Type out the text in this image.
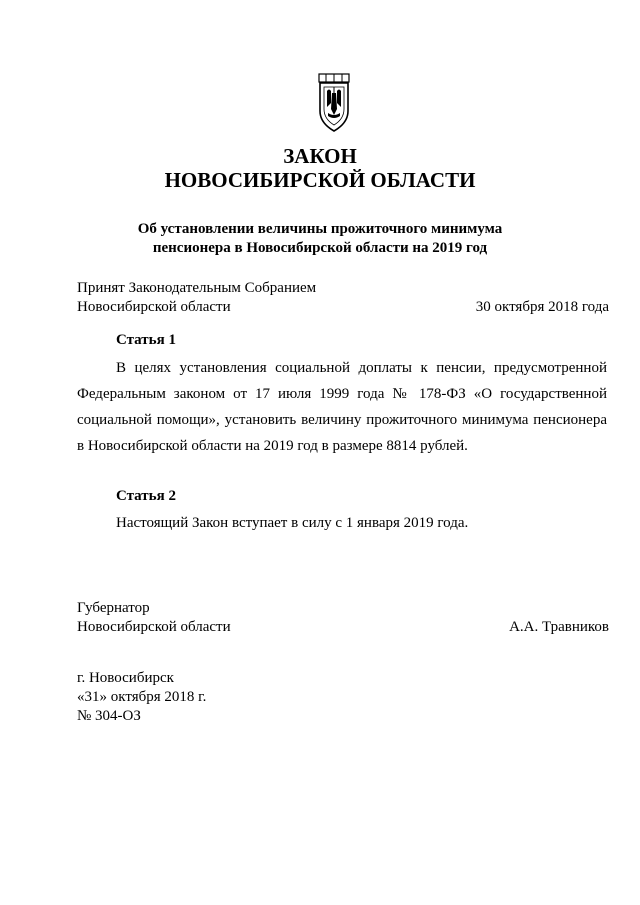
ЗАКОН
НОВОСИБИРСКОЙ ОБЛАСТИ
Об установлении величины прожиточного минимума
пенсионера в Новосибирской области на 2019 год
Принят Законодательным Собранием
Новосибирской области	30 октября 2018 года
Статья 1
В целях установления социальной доплаты к пенсии, предусмотренной Федеральным законом от 17 июля 1999 года № 178-ФЗ «О государственной социальной помощи», установить величину прожиточного минимума пенсионера в Новосибирской области на 2019 год в размере 8814 рублей.
Статья 2
Настоящий Закон вступает в силу с 1 января 2019 года.
Губернатор
Новосибирской области	А.А. Травников
г. Новосибирск
«31» октября 2018 г.
№ 304-ОЗ
